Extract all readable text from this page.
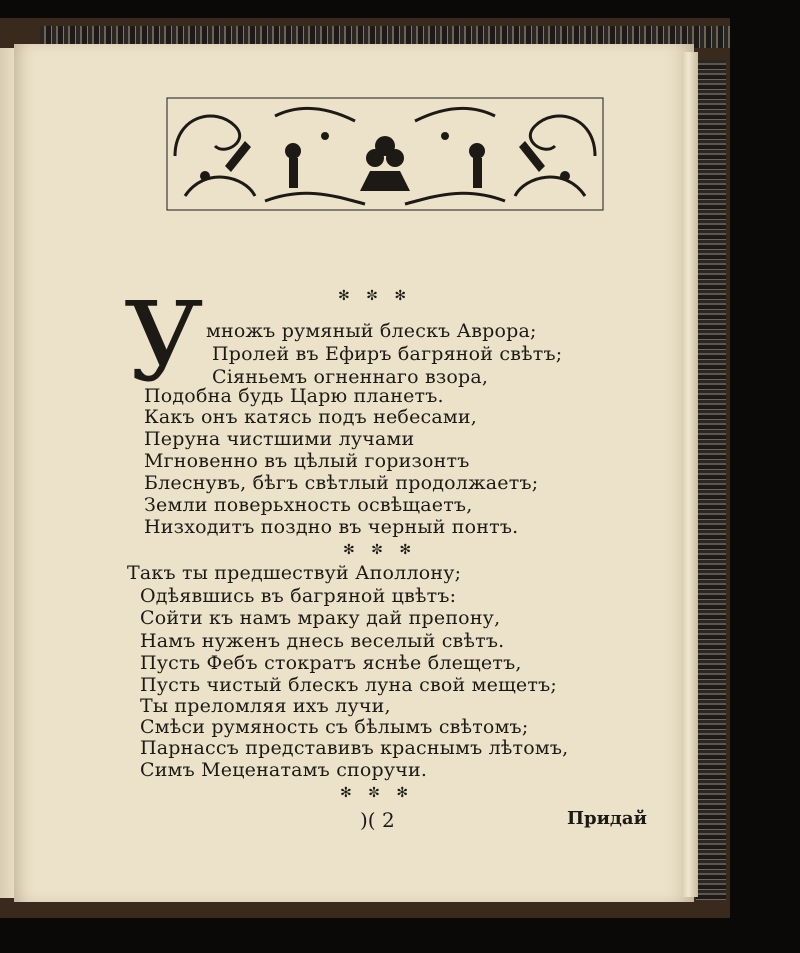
✻ ✼ ✻
У множъ румяный блескъ Аврора;
Пролей въ Ефиръ багряной свѣтъ;
Сіяньемъ огненнаго взора,
Подобна будь Царю планетъ.
Какъ онъ катясь подъ небесами,
Перуна чистшими лучами
Мгновенно въ цѣлый горизонтъ
Блеснувъ, бѣгъ свѣтлый продолжаетъ;
Земли поверьхность освѣщаетъ,
Низходитъ поздно въ черный понтъ.
✻ ✼ ✻
Такъ ты предшествуй Аполлону;
Одѣявшись въ багряной цвѣтъ:
Сойти къ намъ мраку дай препону,
Намъ нуженъ днесь веселый свѣтъ.
Пусть Фебъ стократъ яснѣе блещетъ,
Пусть чистый блескъ луна свой мещетъ;
Ты преломляя ихъ лучи,
Смѣси румяность съ бѣлымъ свѣтомъ;
Парнассъ представивъ краснымъ лѣтомъ,
Симъ Меценатамъ споручи.
✻ ✼ ✻
)( 2	Придай
